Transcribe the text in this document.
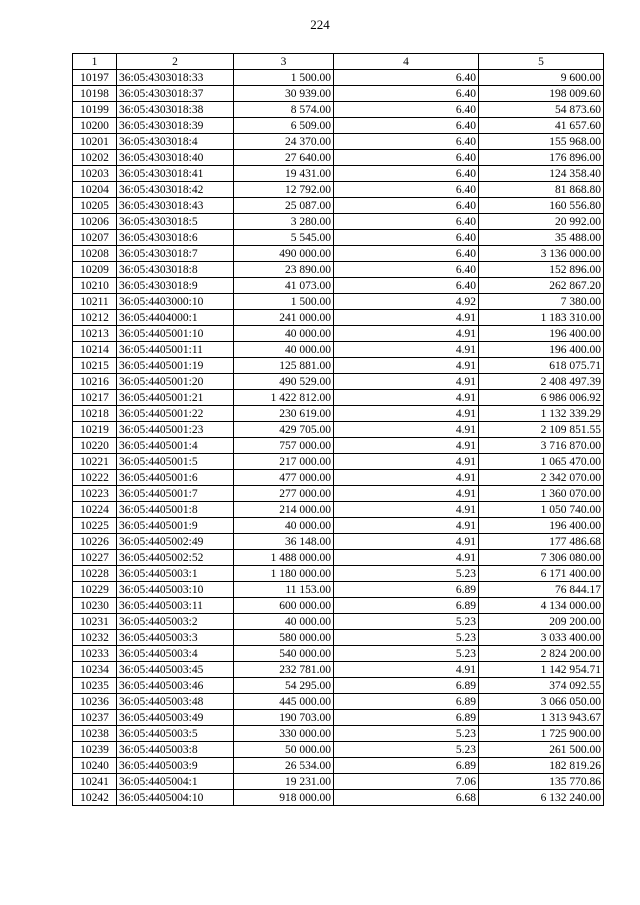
224
1	2	3	4	5
10197	36:05:4303018:33	1 500.00	6.40	9 600.00
10198	36:05:4303018:37	30 939.00	6.40	198 009.60
10199	36:05:4303018:38	8 574.00	6.40	54 873.60
10200	36:05:4303018:39	6 509.00	6.40	41 657.60
10201	36:05:4303018:4	24 370.00	6.40	155 968.00
10202	36:05:4303018:40	27 640.00	6.40	176 896.00
10203	36:05:4303018:41	19 431.00	6.40	124 358.40
10204	36:05:4303018:42	12 792.00	6.40	81 868.80
10205	36:05:4303018:43	25 087.00	6.40	160 556.80
10206	36:05:4303018:5	3 280.00	6.40	20 992.00
10207	36:05:4303018:6	5 545.00	6.40	35 488.00
10208	36:05:4303018:7	490 000.00	6.40	3 136 000.00
10209	36:05:4303018:8	23 890.00	6.40	152 896.00
10210	36:05:4303018:9	41 073.00	6.40	262 867.20
10211	36:05:4403000:10	1 500.00	4.92	7 380.00
10212	36:05:4404000:1	241 000.00	4.91	1 183 310.00
10213	36:05:4405001:10	40 000.00	4.91	196 400.00
10214	36:05:4405001:11	40 000.00	4.91	196 400.00
10215	36:05:4405001:19	125 881.00	4.91	618 075.71
10216	36:05:4405001:20	490 529.00	4.91	2 408 497.39
10217	36:05:4405001:21	1 422 812.00	4.91	6 986 006.92
10218	36:05:4405001:22	230 619.00	4.91	1 132 339.29
10219	36:05:4405001:23	429 705.00	4.91	2 109 851.55
10220	36:05:4405001:4	757 000.00	4.91	3 716 870.00
10221	36:05:4405001:5	217 000.00	4.91	1 065 470.00
10222	36:05:4405001:6	477 000.00	4.91	2 342 070.00
10223	36:05:4405001:7	277 000.00	4.91	1 360 070.00
10224	36:05:4405001:8	214 000.00	4.91	1 050 740.00
10225	36:05:4405001:9	40 000.00	4.91	196 400.00
10226	36:05:4405002:49	36 148.00	4.91	177 486.68
10227	36:05:4405002:52	1 488 000.00	4.91	7 306 080.00
10228	36:05:4405003:1	1 180 000.00	5.23	6 171 400.00
10229	36:05:4405003:10	11 153.00	6.89	76 844.17
10230	36:05:4405003:11	600 000.00	6.89	4 134 000.00
10231	36:05:4405003:2	40 000.00	5.23	209 200.00
10232	36:05:4405003:3	580 000.00	5.23	3 033 400.00
10233	36:05:4405003:4	540 000.00	5.23	2 824 200.00
10234	36:05:4405003:45	232 781.00	4.91	1 142 954.71
10235	36:05:4405003:46	54 295.00	6.89	374 092.55
10236	36:05:4405003:48	445 000.00	6.89	3 066 050.00
10237	36:05:4405003:49	190 703.00	6.89	1 313 943.67
10238	36:05:4405003:5	330 000.00	5.23	1 725 900.00
10239	36:05:4405003:8	50 000.00	5.23	261 500.00
10240	36:05:4405003:9	26 534.00	6.89	182 819.26
10241	36:05:4405004:1	19 231.00	7.06	135 770.86
10242	36:05:4405004:10	918 000.00	6.68	6 132 240.00
